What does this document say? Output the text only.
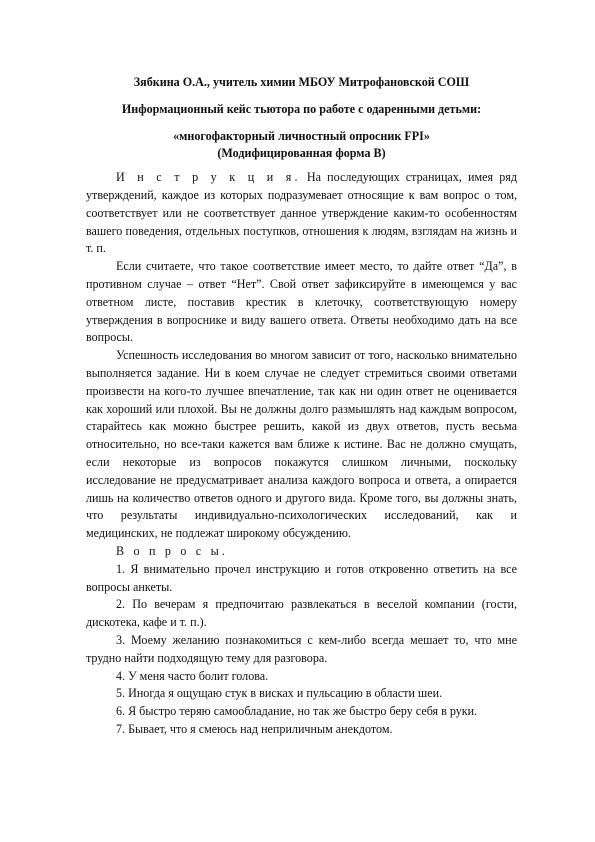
Зябкина О.А., учитель химии МБОУ Митрофановской СОШ
Информационный кейс тьютора по работе с одаренными детьми:
«многофакторный личностный опросник FPI»
(Модифицированная форма В)

И н с т р у к ц и я. На последующих страницах, имея ряд утверждений, каждое из которых подразумевает относящие к вам вопрос о том, соответствует или не соответствует данное утверждение каким-то особенностям вашего поведения, отдельных поступков, отношения к людям, взглядам на жизнь и т. п.

Если считаете, что такое соответствие имеет место, то дайте ответ “Да”, в противном случае – ответ “Нет”. Свой ответ зафиксируйте в имеющемся у вас ответном листе, поставив крестик в клеточку, соответствующую номеру утверждения в вопроснике и виду вашего ответа. Ответы необходимо дать на все вопросы.

Успешность исследования во многом зависит от того, насколько внимательно выполняется задание. Ни в коем случае не следует стремиться своими ответами произвести на кого-то лучшее впечатление, так как ни один ответ не оценивается как хороший или плохой. Вы не должны долго размышлять над каждым вопросом, старайтесь как можно быстрее решить, какой из двух ответов, пусть весьма относительно, но все-таки кажется вам ближе к истине. Вас не должно смущать, если некоторые из вопросов покажутся слишком личными, поскольку исследование не предусматривает анализа каждого вопроса и ответа, а опирается лишь на количество ответов одного и другого вида. Кроме того, вы должны знать, что результаты индивидуально-психологических исследований, как и медицинских, не подлежат широкому обсуждению.

В о п р о с ы.

1. Я внимательно прочел инструкцию и готов откровенно ответить на все вопросы анкеты.

2. По вечерам я предпочитаю развлекаться в веселой компании (гости, дискотека, кафе и т. п.).

3. Моему желанию познакомиться с кем-либо всегда мешает то, что мне трудно найти подходящую тему для разговора.

4. У меня часто болит голова.

5. Иногда я ощущаю стук в висках и пульсацию в области шеи.

6. Я быстро теряю самообладание, но так же быстро беру себя в руки.

7. Бывает, что я смеюсь над неприличным анекдотом.
